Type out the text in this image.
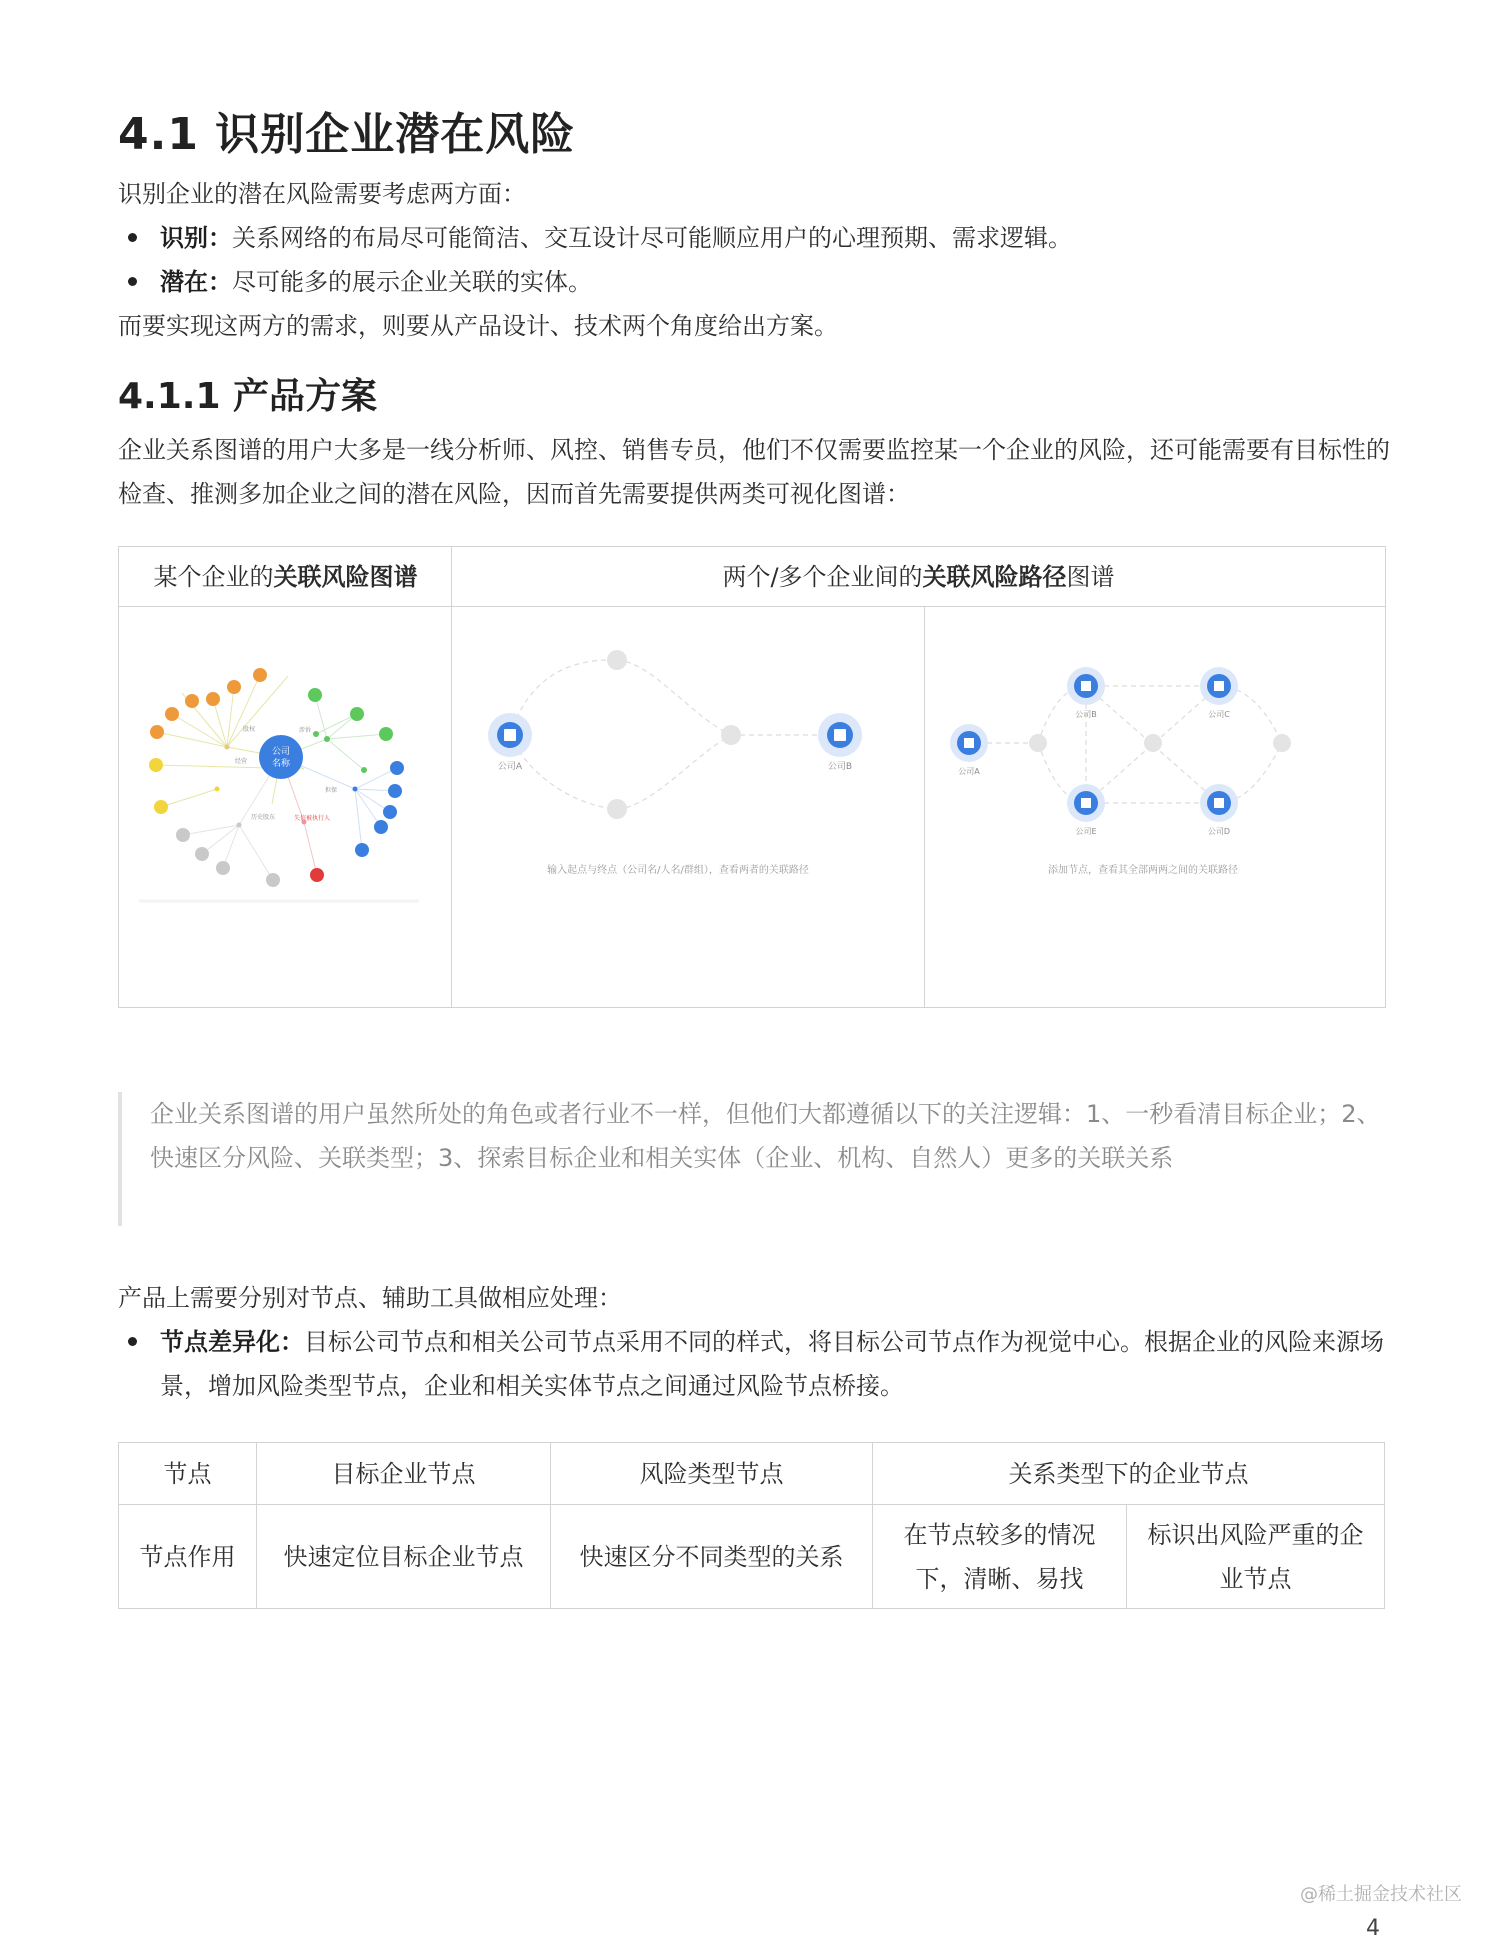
4.1 识别企业潜在风险

识别企业的潜在风险需要考虑两方面：

识别：关系网络的布局尽可能简洁、交互设计尽可能顺应用户的心理预期、需求逻辑。
潜在：尽可能多的展示企业关联的实体。

而要实现这两方的需求，则要从产品设计、技术两个角度给出方案。

4.1.1 产品方案

企业关系图谱的用户大多是一线分析师、风控、销售专员，他们不仅需要监控某一个企业的风险，还可能需要有目标性的检查、推测多加企业之间的潜在风险，因而首先需要提供两类可视化图谱：

某个企业的关联风险图谱	两个/多个企业间的关联风险路径图谱
公司
名称
股权	涉诉
经营
担保
历史股东	失信被执行人
公司A	公司B
输入起点与终点（公司名/人名/群组），查看两者的关联路径
公司A
公司B	公司C
公司D
公司E
添加节点，查看其全部两两之间的关联路径
企业关系图谱的用户虽然所处的角色或者行业不一样，但他们大都遵循以下的关注逻辑：1、一秒看清目标企业；2、快速区分风险、关联类型；3、探索目标企业和相关实体（企业、机构、自然人）更多的关联关系

产品上需要分别对节点、辅助工具做相应处理：

节点差异化：目标公司节点和相关公司节点采用不同的样式，将目标公司节点作为视觉中心。根据企业的风险来源场景，增加风险类型节点，企业和相关实体节点之间通过风险节点桥接。
节点	目标企业节点	风险类型节点	关系类型下的企业节点	
节点作用	快速定位目标企业节点	快速区分不同类型的关系	在节点较多的情况下，清晰、易找	标识出风险严重的企业节点
@稀土掘金技术社区
4
